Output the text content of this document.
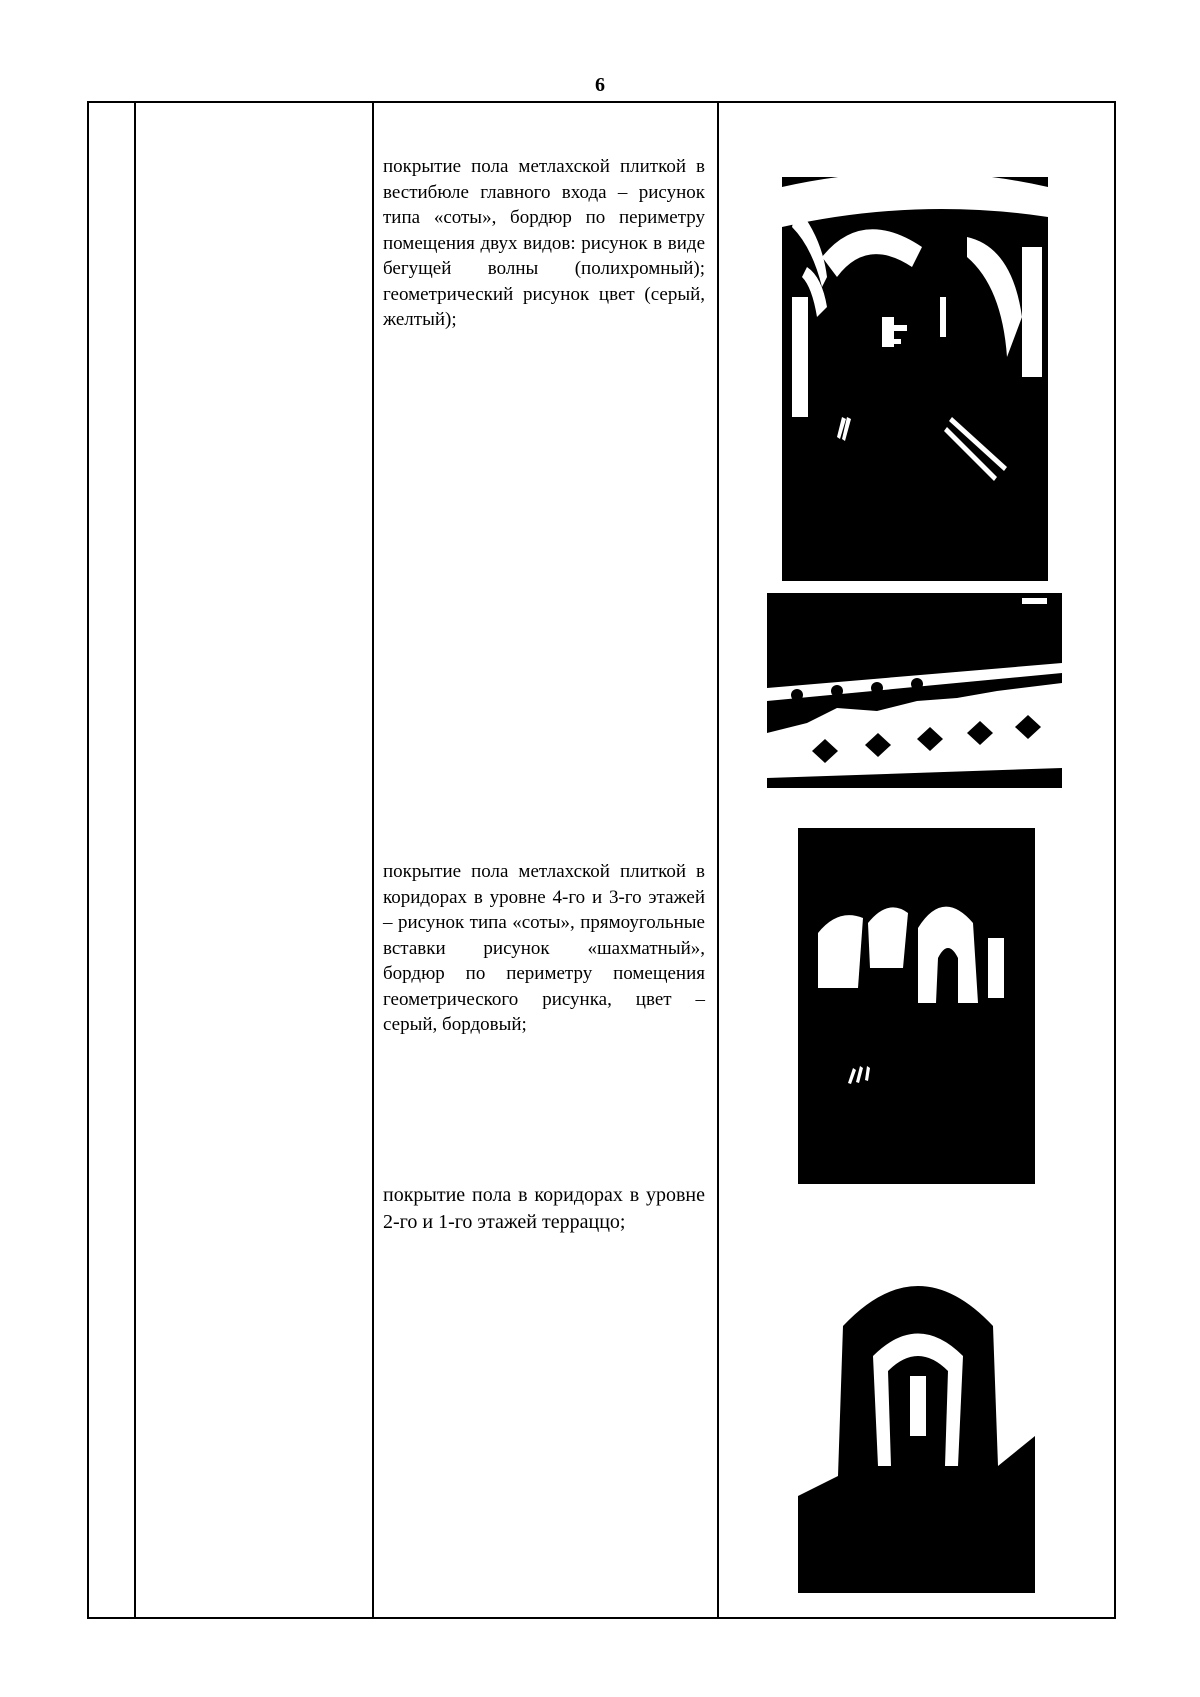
6

покрытие пола метлахской плиткой в вестибюле главного входа – рисунок типа «соты», бордюр по периметру помещения двух видов: рисунок в виде бегущей волны (полихромный); геометрический рисунок цвет (серый, желтый);

покрытие пола метлахской плиткой в коридорах в уровне 4-го и 3-го этажей – рисунок типа «соты», прямоугольные вставки рисунок «шахматный», бордюр по периметру помещения геометрического рисунка, цвет – серый, бордовый;

покрытие пола в коридорах в уровне 2-го и 1-го этажей терраццо;
